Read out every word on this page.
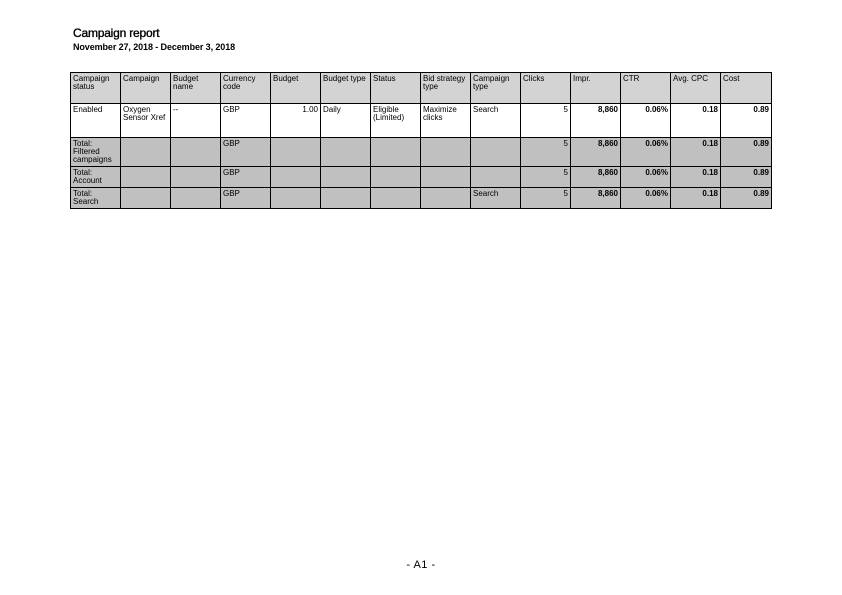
Campaign report
November 27, 2018 - December 3, 2018
Campaign status	Campaign	Budget name	Currency code	Budget	Budget type	Status	Bid strategy type	Campaign type	Clicks	Impr.	CTR	Avg. CPC	Cost
Enabled	Oxygen Sensor Xref	--	GBP	1.00	Daily	Eligible (Limited)	Maximize clicks	Search	5	8,860	0.06%	0.18	0.89
Total: Filtered campaigns			GBP						5	8,860	0.06%	0.18	0.89
Total: Account			GBP						5	8,860	0.06%	0.18	0.89
Total: Search			GBP					Search	5	8,860	0.06%	0.18	0.89
- A1 -
